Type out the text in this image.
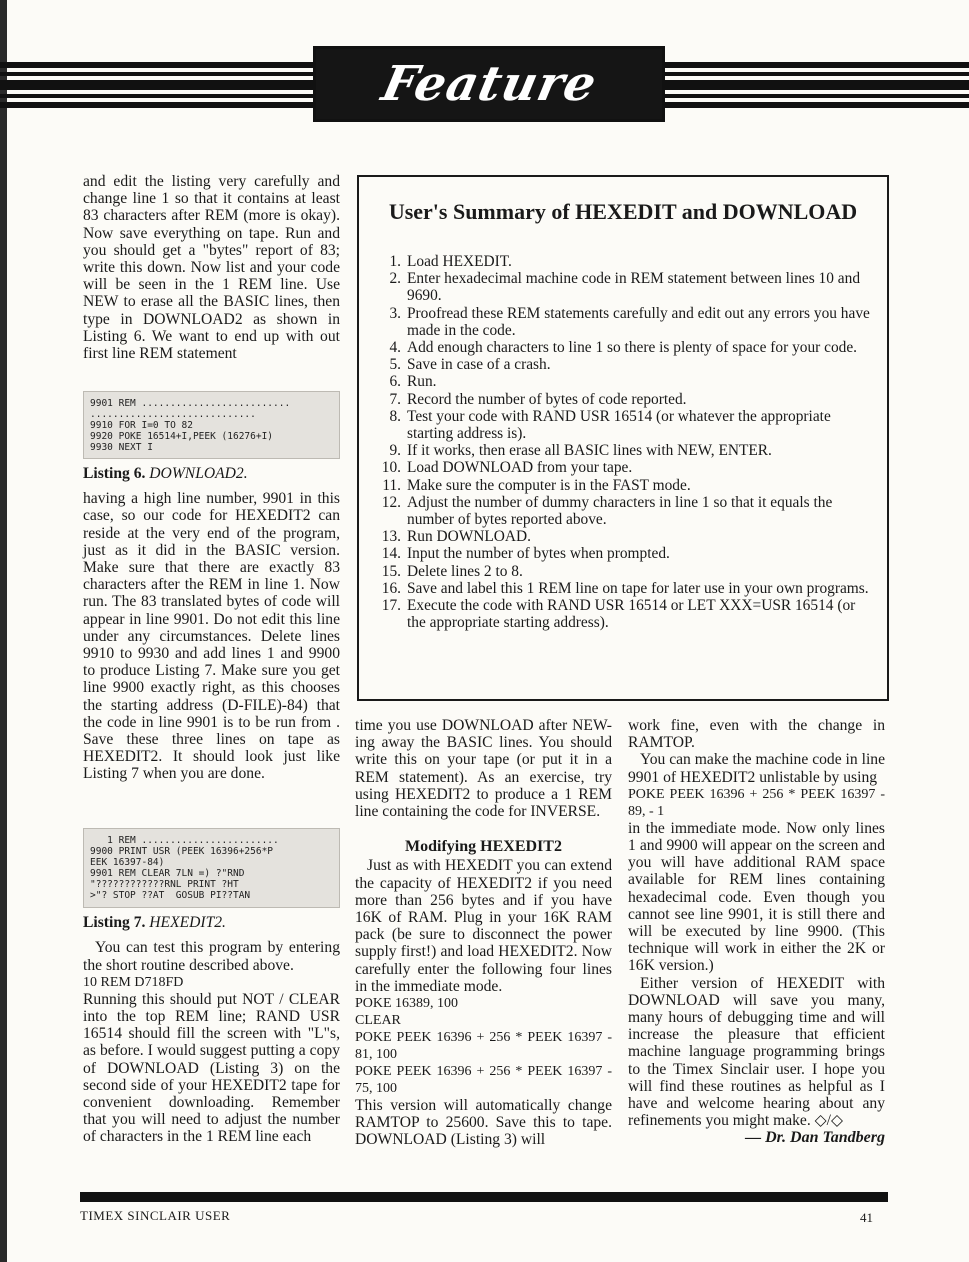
Feature

and edit the listing very carefully and change line 1 so that it contains at least 83 characters after REM (more is okay). Now save everything on tape. Run and you should get a "bytes" report of 83; write this down. Now list and your code will be seen in the 1 REM line. Use NEW to erase all the BASIC lines, then type in DOWNLOAD2 as shown in Listing 6. We want to end up with out first line REM statement

9901 REM ..........................
.............................
9910 FOR I=0 TO 82
9920 POKE 16514+I,PEEK (16276+I)
9930 NEXT I
Listing 6. DOWNLOAD2.

having a high line number, 9901 in this case, so our code for HEXEDIT2 can reside at the very end of the program, just as it did in the BASIC version. Make sure that there are exactly 83 characters after the REM in line 1. Now run. The 83 translated bytes of code will appear in line 9901. Do not edit this line under any circumstances. Delete lines 9910 to 9930 and add lines 1 and 9900 to produce Listing 7. Make sure you get line 9900 exactly right, as this chooses the starting address (D-FILE)-84) that the code in line 9901 is to be run from . Save these three lines on tape as HEXEDIT2. It should look just like Listing 7 when you are done.

1 REM ........................
9900 PRINT USR (PEEK 16396+256*P
EEK 16397-84)
9901 REM CLEAR 7LN =) ?"RND
"????????????RNL PRINT ?HT
>"? STOP ??AT  GOSUB PI??TAN
Listing 7. HEXEDIT2.

You can test this program by entering the short routine described above.

10 REM D718FD

Running this should put NOT / CLEAR into the top REM line; RAND USR 16514 should fill the screen with "L"s, as before. I would suggest putting a copy of DOWNLOAD (Listing 3) on the second side of your HEXEDIT2 tape for convenient downloading. Remember that you will need to adjust the number of characters in the 1 REM line each

User's Summary of HEXEDIT and DOWNLOAD
1. Load HEXEDIT.
2. Enter hexadecimal machine code in REM statement between lines 10 and 9690.
3. Proofread these REM statements carefully and edit out any errors you have made in the code.
4. Add enough characters to line 1 so there is plenty of space for your code.
5. Save in case of a crash.
6. Run.
7. Record the number of bytes of code reported.
8. Test your code with RAND USR 16514 (or whatever the appropriate starting address is).
9. If it works, then erase all BASIC lines with NEW, ENTER.
10. Load DOWNLOAD from your tape.
11. Make sure the computer is in the FAST mode.
12. Adjust the number of dummy characters in line 1 so that it equals the number of bytes reported above.
13. Run DOWNLOAD.
14. Input the number of bytes when prompted.
15. Delete lines 2 to 8.
16. Save and label this 1 REM line on tape for later use in your own programs.
17. Execute the code with RAND USR 16514 or LET XXX=USR 16514 (or the appropriate starting address).

time you use DOWNLOAD after NEW-ing away the BASIC lines. You should write this on your tape (or put it in a REM statement). As an exercise, try using HEXEDIT2 to produce a 1 REM line containing the code for INVERSE.

Modifying HEXEDIT2

Just as with HEXEDIT you can extend the capacity of HEXEDIT2 if you need more than 256 bytes and if you have 16K of RAM. Plug in your 16K RAM pack (be sure to disconnect the power supply first!) and load HEXEDIT2. Now carefully enter the following four lines in the immediate mode.

POKE 16389, 100

CLEAR

POKE PEEK 16396 + 256 * PEEK 16397 - 81, 100

POKE PEEK 16396 + 256 * PEEK 16397 - 75, 100

This version will automatically change RAMTOP to 25600. Save this to tape. DOWNLOAD (Listing 3) will

work fine, even with the change in RAMTOP.

You can make the machine code in line 9901 of HEXEDIT2 unlistable by using

POKE PEEK 16396 + 256 * PEEK 16397 - 89, - 1

in the immediate mode. Now only lines 1 and 9900 will appear on the screen and you will have additional RAM space available for REM lines containing hexadecimal code. Even though you cannot see line 9901, it is still there and will be executed by line 9900. (This technique will work in either the 2K or 16K version.)

Either version of HEXEDIT with DOWNLOAD will save you many, many hours of debugging time and will increase the pleasure that efficient machine language programming brings to the Timex Sinclair user. I hope you will find these routines as helpful as I have and welcome hearing about any refinements you might make. ◇/◇

— Dr. Dan Tandberg
TIMEX SINCLAIR USER	41
